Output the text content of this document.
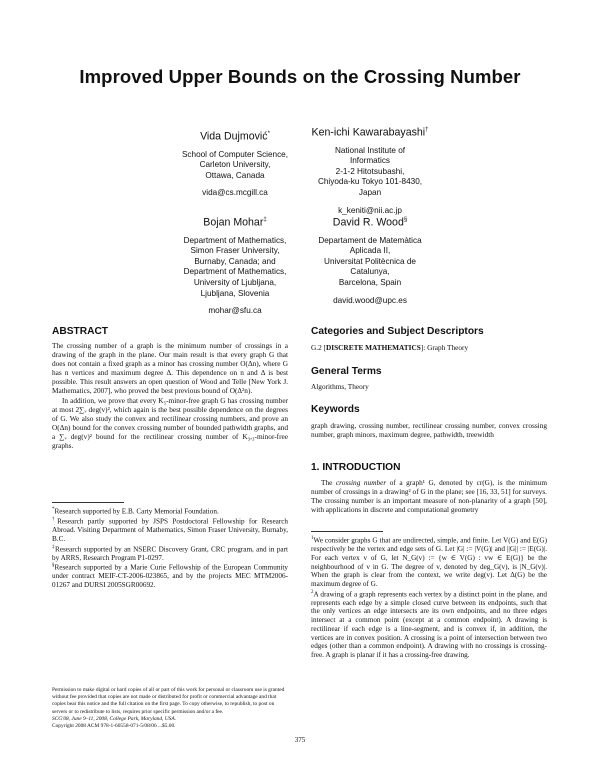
Improved Upper Bounds on the Crossing Number
Vida Dujmović*
School of Computer Science,
Carleton University,
Ottawa, Canada
vida@cs.mcgill.ca
Ken-ichi Kawarabayashi†
National Institute of
Informatics
2-1-2 Hitotsubashi,
Chiyoda-ku Tokyo 101-8430,
Japan
k_keniti@nii.ac.jp
Bojan Mohar‡
Department of Mathematics,
Simon Fraser University,
Burnaby, Canada; and
Department of Mathematics,
University of Ljubljana,
Ljubljana, Slovenia
mohar@sfu.ca
David R. Wood§
Departament de Matemàtica
Aplicada II,
Universitat Politècnica de
Catalunya,
Barcelona, Spain
david.wood@upc.es
ABSTRACT

The crossing number of a graph is the minimum number of crossings in a drawing of the graph in the plane. Our main result is that every graph G that does not contain a fixed graph as a minor has crossing number O(Δn), where G has n vertices and maximum degree Δ. This dependence on n and Δ is best possible. This result answers an open question of Wood and Telle [New York J. Mathematics, 2007], who proved the best previous bound of O(Δ²n).

In addition, we prove that every K₅-minor-free graph G has crossing number at most 2∑ᵥ deg(v)², which again is the best possible dependence on the degrees of G. We also study the convex and rectilinear crossing numbers, and prove an O(Δn) bound for the convex crossing number of bounded pathwidth graphs, and a ∑ᵥ deg(v)² bound for the rectilinear crossing number of K₃,₃-minor-free graphs.

*Research supported by E.B. Carty Memorial Foundation.

†Research partly supported by JSPS Postdoctoral Fellowship for Research Abroad. Visiting Department of Mathematics, Simon Fraser University, Burnaby, B.C.

‡Research supported by an NSERC Discovery Grant, CRC program, and in part by ARRS, Research Program P1-0297.

§Research supported by a Marie Curie Fellowship of the European Community under contract MEIF-CT-2006-023865, and by the projects MEC MTM2006-01267 and DURSI 2005SGR00692.

Permission to make digital or hard copies of all or part of this work for personal or classroom use is granted without fee provided that copies are not made or distributed for profit or commercial advantage and that copies bear this notice and the full citation on the first page. To copy otherwise, to republish, to post on servers or to redistribute to lists, requires prior specific permission and/or a fee.

SCG'08, June 9–11, 2008, College Park, Maryland, USA.

Copyright 2008 ACM 978-1-60558-071-5/08/06 ...$5.00.

Categories and Subject Descriptors
G.2 [DISCRETE MATHEMATICS]: Graph Theory
General Terms
Algorithms, Theory
Keywords
graph drawing, crossing number, rectilinear crossing number, convex crossing number, graph minors, maximum degree, pathwidth, treewidth
1. INTRODUCTION

The crossing number of a graph¹ G, denoted by cr(G), is the minimum number of crossings in a drawing² of G in the plane; see [16, 33, 51] for surveys. The crossing number is an important measure of non-planarity of a graph [50], with applications in discrete and computational geometry

$^1$We consider graphs G that are undirected, simple, and finite. Let V(G) and E(G) respectively be the vertex and edge sets of G. Let |G| := |V(G)| and ||G|| := |E(G)|. For each vertex v of G, let N_G(v) := {w ∈ V(G) : vw ∈ E(G)} be the neighbourhood of v in G. The degree of v, denoted by deg_G(v), is |N_G(v)|. When the graph is clear from the context, we write deg(v). Let Δ(G) be the maximum degree of G.

$^2$A drawing of a graph represents each vertex by a distinct point in the plane, and represents each edge by a simple closed curve between its endpoints, such that the only vertices an edge intersects are its own endpoints, and no three edges intersect at a common point (except at a common endpoint). A drawing is rectilinear if each edge is a line-segment, and is convex if, in addition, the vertices are in convex position. A crossing is a point of intersection between two edges (other than a common endpoint). A drawing with no crossings is crossing-free. A graph is planar if it has a crossing-free drawing.

375
